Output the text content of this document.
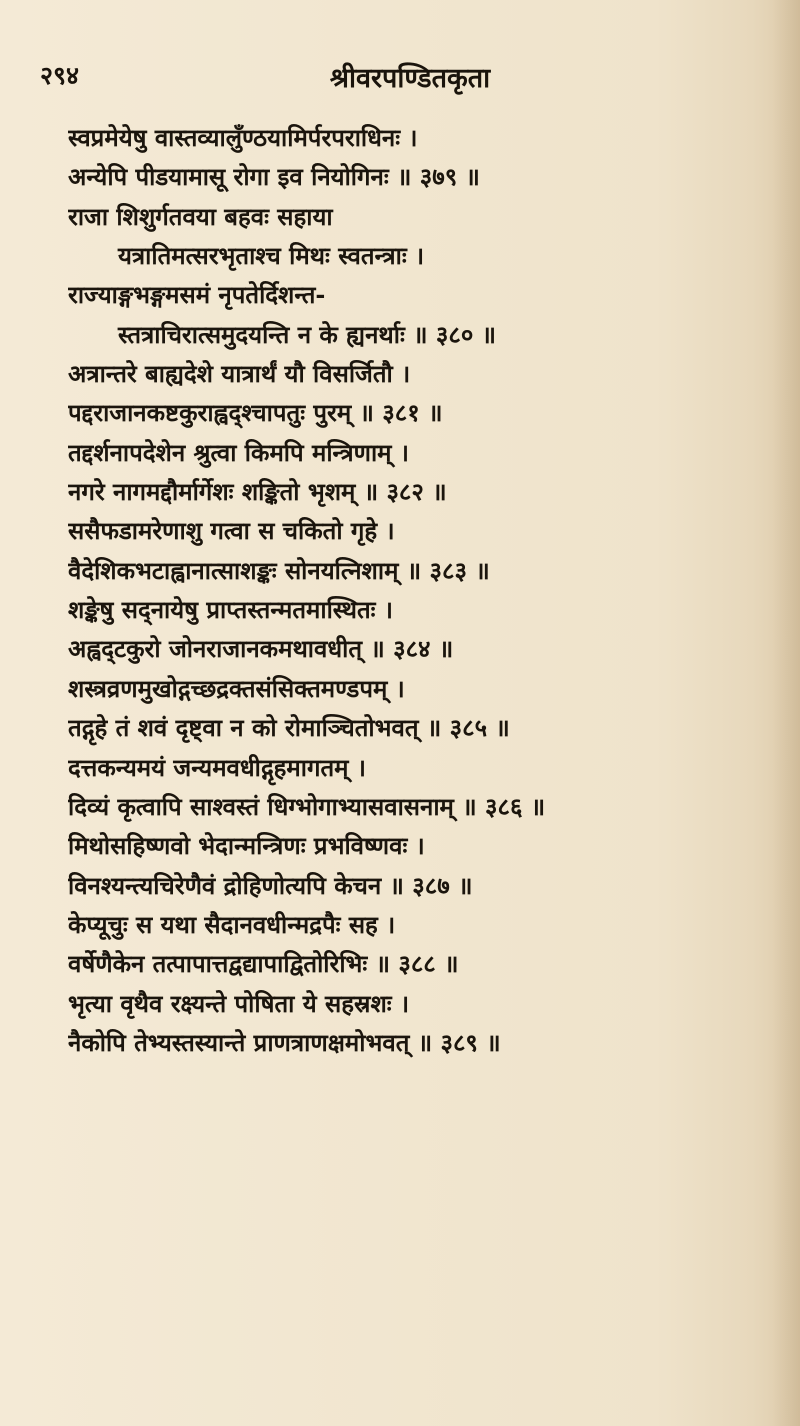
२९४	श्रीवरपण्डितकृता
स्वप्रमेयेषु वास्तव्यालुँण्ठयामिर्परपराधिनः ।
अन्येपि पीडयामासू रोगा इव नियोगिनः ॥ ३७९ ॥
राजा शिशुर्गतवया बहवः सहाया
यत्रातिमत्सरभृताश्च मिथः स्वतन्त्राः ।
राज्याङ्गभङ्गमसमं नृपतेर्दिशन्त-
स्तत्राचिरात्समुदयन्ति न के ह्यनर्थाः ॥ ३८० ॥
अत्रान्तरे बाह्यदेशे यात्रार्थं यौ विसर्जितौ ।
पद्दराजानकष्टकुराह्वद्श्चापतुः पुरम् ॥ ३८१ ॥
तद्दर्शनापदेशेन श्रुत्वा किमपि मन्त्रिणाम् ।
नगरे नागमद्दौर्मार्गेशः शङ्कितो भृशम् ॥ ३८२ ॥
ससैफडामरेणाशु गत्वा स चकितो गृहे ।
वैदेशिकभटाह्वानात्साशङ्कः सोनयत्निशाम् ॥ ३८३ ॥
शङ्केषु सद्नायेषु प्राप्तस्तन्मतमास्थितः ।
अह्वद्टकुरो जोनराजानकमथावधीत् ॥ ३८४ ॥
शस्त्रव्रणमुखोद्गच्छद्रक्तसंसिक्तमण्डपम् ।
तद्गृहे तं शवं दृष्ट्वा न को रोमाञ्चितोभवत् ॥ ३८५ ॥
दत्तकन्यमयं जन्यमवधीद्गृहमागतम् ।
दिव्यं कृत्वापि साश्वस्तं धिग्भोगाभ्यासवासनाम् ॥ ३८६ ॥
मिथोसहिष्णवो भेदान्मन्त्रिणः प्रभविष्णवः ।
विनश्यन्त्यचिरेणैवं द्रोहिणोत्यपि केचन ॥ ३८७ ॥
केप्यूचुः स यथा सैदानवधीन्मद्रपैः सह ।
वर्षेणैकेन तत्पापात्तद्वद्यापाद्वितोरिभिः ॥ ३८८ ॥
भृत्या वृथैव रक्ष्यन्ते पोषिता ये सहस्रशः ।
नैकोपि तेभ्यस्तस्यान्ते प्राणत्राणक्षमोभवत् ॥ ३८९ ॥
